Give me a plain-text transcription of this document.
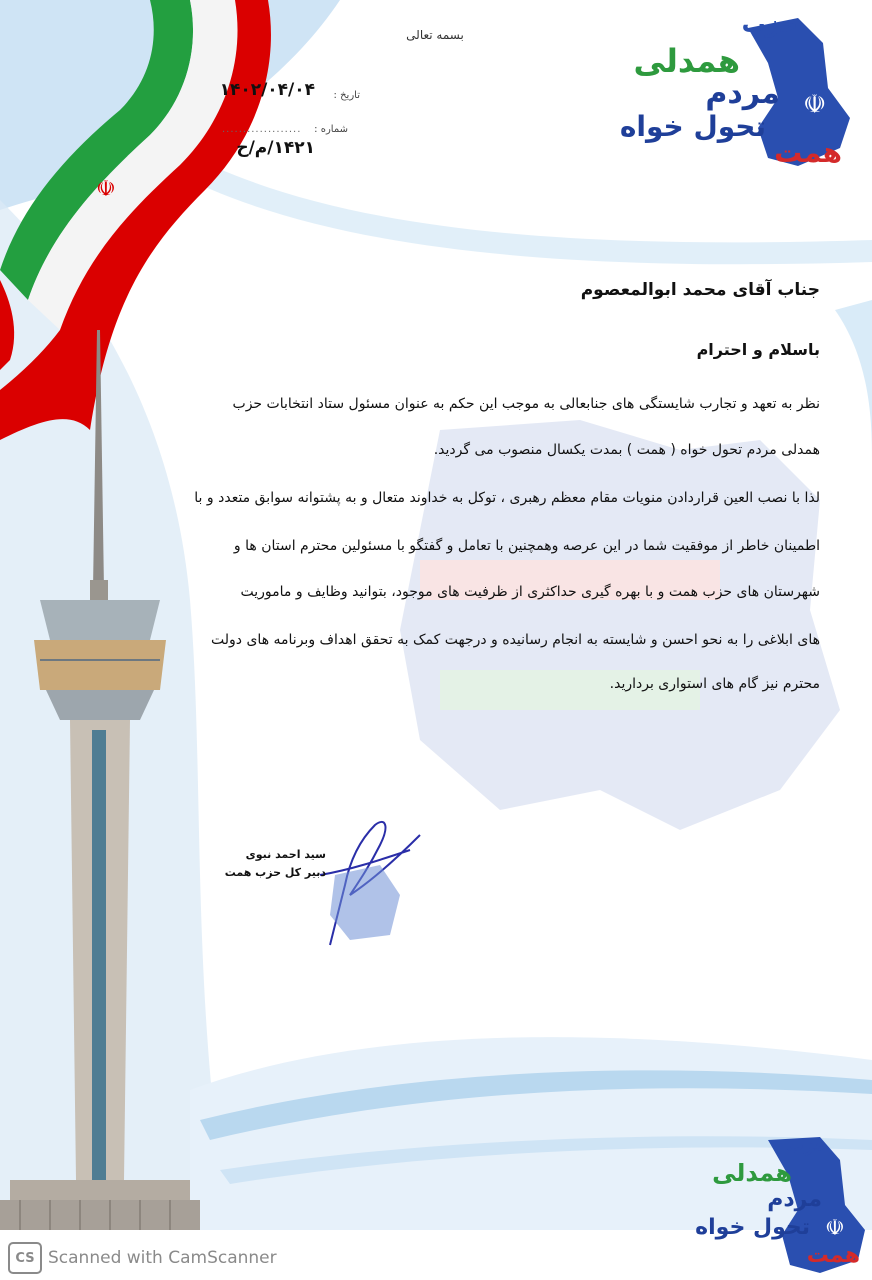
☫
بسمه تعالی
تاریخ :
۱۴۰۲/۰۴/۰۴
شماره :
...................
۱۴۲۱/م/ح
☫
حزب
همدلی
مردم
تحول خواه
همت
جناب آقای محمد ابوالمعصوم
باسلام و احترام
نظر به تعهد و تجارب شایستگی های جنابعالی به موجب این حکم به عنوان مسئول ستاد انتخابات حزب
همدلی مردم تحول خواه ( همت ) بمدت یکسال منصوب می گردید.
لذا با نصب العین قراردادن منویات مقام معظم رهبری ، توکل به خداوند متعال و به پشتوانه سوابق متعدد و با
اطمینان خاطر از موفقیت شما در این عرصه وهمچنین با تعامل و گفتگو با مسئولین محترم استان ها و
شهرستان های حزب همت و با بهره گیری حداکثری از ظرفیت های موجود، بتوانید وظایف و ماموریت
های ابلاغی را به نحو احسن و شایسته به انجام رسانیده و درجهت کمک به تحقق اهداف وبرنامه های دولت
محترم نیز گام های استواری بردارید.
سید احمد نبوی
دبیر کل حزب همت
☫
حزب
همدلی
مردم
تحول خواه
همت
CS Scanned with CamScanner
